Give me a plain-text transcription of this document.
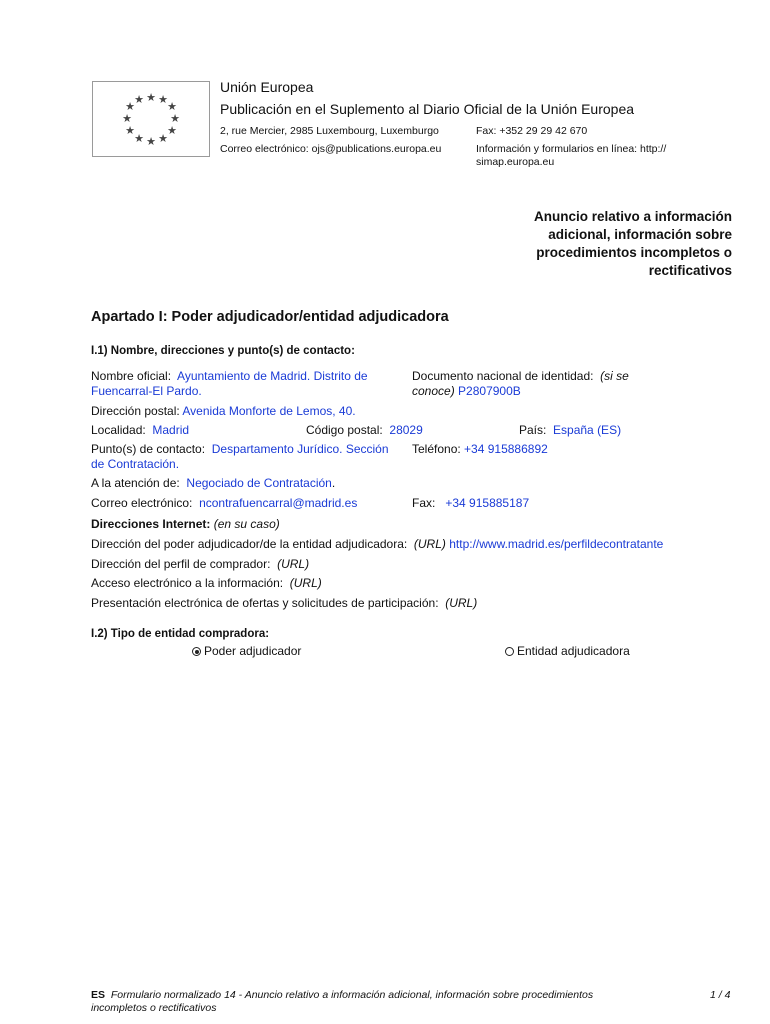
★ ★
★
★
★
★
★
★
★
★
★
★
Unión Europea
Publicación en el Suplemento al Diario Oficial de la Unión Europea
2, rue Mercier, 2985 Luxembourg, Luxemburgo	Fax: +352 29 29 42 670
Correo electrónico: ojs@publications.europa.eu	Información y formularios en línea: http://
simap.europa.eu
Anuncio relativo a información
adicional, información sobre
procedimientos incompletos o
rectificativos
Apartado I: Poder adjudicador/entidad adjudicadora
I.1) Nombre, direcciones y punto(s) de contacto:
Nombre oficial: Ayuntamiento de Madrid. Distrito de
Fuencarral-El Pardo.
Documento nacional de identidad: (si se
conoce) P2807900B
Dirección postal: Avenida Monforte de Lemos, 40.
Localidad: Madrid	Código postal: 28029	País: España (ES)
Punto(s) de contacto: Despartamento Jurídico. Sección
de Contratación.
Teléfono: +34 915886892
A la atención de: Negociado de Contratación.
Correo electrónico: ncontrafuencarral@madrid.es	Fax: +34 915885187
Direcciones Internet: (en su caso)
Dirección del poder adjudicador/de la entidad adjudicadora: (URL) http://www.madrid.es/perfildecontratante
Dirección del perfil de comprador: (URL)
Acceso electrónico a la información: (URL)
Presentación electrónica de ofertas y solicitudes de participación: (URL)
I.2) Tipo de entidad compradora:
Poder adjudicador	Entidad adjudicadora
ES Formulario normalizado 14 - Anuncio relativo a información adicional, información sobre procedimientos
incompletos o rectificativos
1 / 4
